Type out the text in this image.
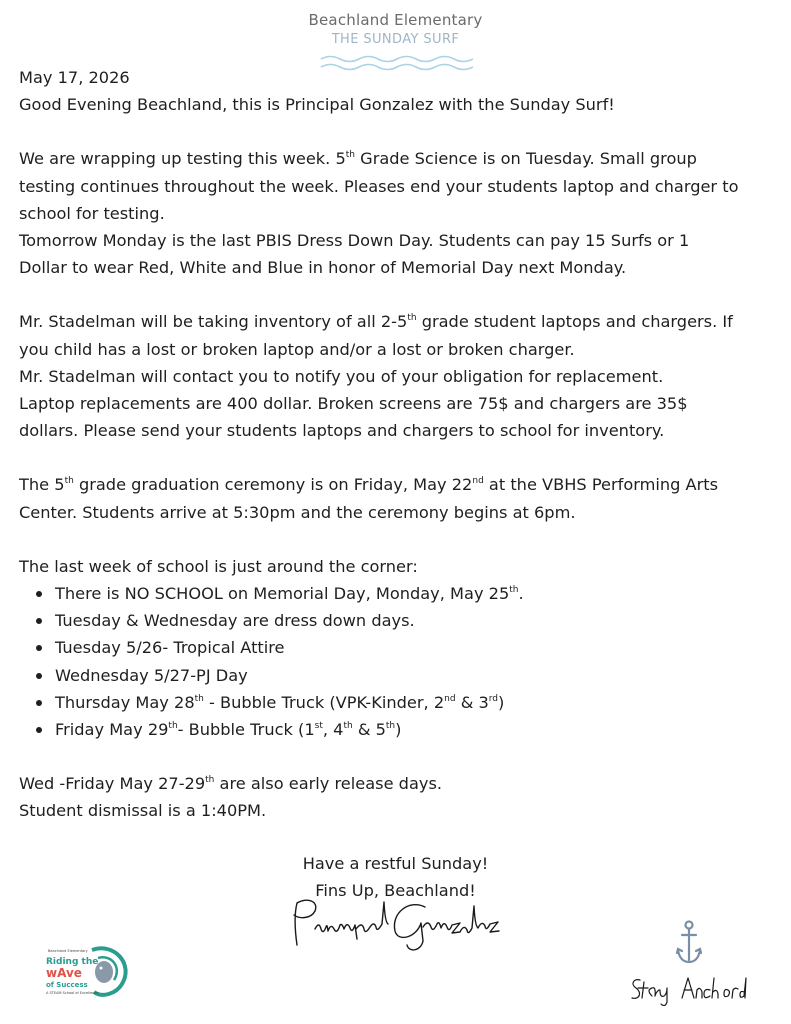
Beachland Elementary
THE SUNDAY SURF

May 17, 2026

Good Evening Beachland, this is Principal Gonzalez with the Sunday Surf!

We are wrapping up testing this week. 5th Grade Science is on Tuesday. Small group

testing continues throughout the week. Pleases end your students laptop and charger to

school for testing.

Tomorrow Monday is the last PBIS Dress Down Day. Students can pay 15 Surfs or 1

Dollar to wear Red, White and Blue in honor of Memorial Day next Monday.

Mr. Stadelman will be taking inventory of all 2-5th grade student laptops and chargers. If

you child has a lost or broken laptop and/or a lost or broken charger.

Mr. Stadelman will contact you to notify you of your obligation for replacement.

Laptop replacements are 400 dollar. Broken screens are 75$ and chargers are 35$

dollars. Please send your students laptops and chargers to school for inventory.

The 5th grade graduation ceremony is on Friday, May 22nd at the VBHS Performing Arts

Center. Students arrive at 5:30pm and the ceremony begins at 6pm.

The last week of school is just around the corner:

There is NO SCHOOL on Memorial Day, Monday, May 25th.
Tuesday & Wednesday are dress down days.
Tuesday 5/26- Tropical Attire
Wednesday 5/27-PJ Day
Thursday May 28th - Bubble Truck (VPK-Kinder, 2nd & 3rd)
Friday May 29th- Bubble Truck (1st, 4th & 5th)

Wed -Friday May 27-29th are also early release days.

Student dismissal is a 1:40PM.

Have a restful Sunday!
Fins Up, Beachland!
Beachland Elementary
Riding the
wAve
of Success
A STEAM School of Excellence
